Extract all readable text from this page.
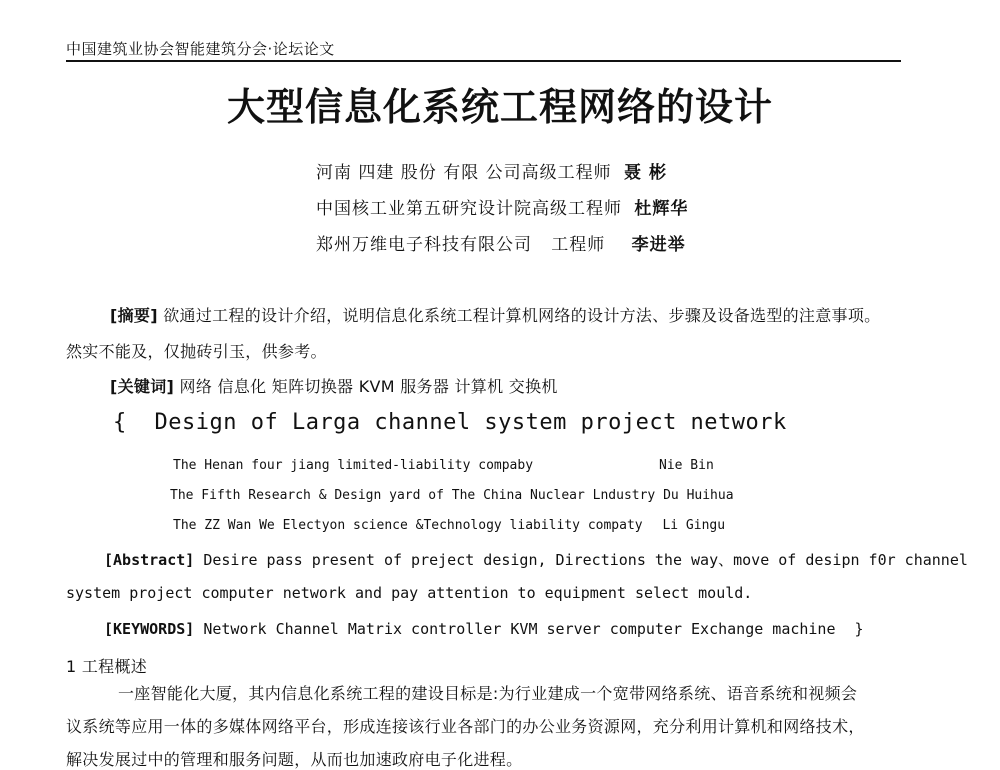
中国建筑业协会智能建筑分会·论坛论文
大型信息化系统工程网络的设计
河南 四建 股份 有限 公司高级工程师 聂 彬
中国核工业第五研究设计院高级工程师 杜辉华
郑州万维电子科技有限公司   工程师 李进举
[摘要] 欲通过工程的设计介绍，说明信息化系统工程计算机网络的设计方法、步骤及设备选型的注意事项。
然实不能及，仅抛砖引玉，供参考。
[关键词] 网络 信息化 矩阵切换器 KVM 服务器 计算机 交换机
{ Design of Larga channel system project network
The Henan four jiang limited-liability compaby	Nie Bin
The Fifth Research & Design yard of The China Nuclear Lndustry Du Huihua
The ZZ Wan We Electyon science &Technology liability compaty Li Gingu
[Abstract] Desire pass present of preject design, Directions the way、move of desipn f0r channel
system project computer network and pay attention to equipment select mould.
[KEYWORDS] Network Channel Matrix controller KVM server computer Exchange machine }
1 工程概述
一座智能化大厦，其内信息化系统工程的建设目标是:为行业建成一个宽带网络系统、语音系统和视频会
议系统等应用一体的多媒体网络平台，形成连接该行业各部门的办公业务资源网，充分利用计算机和网络技术，
解决发展过中的管理和服务问题，从而也加速政府电子化进程。
